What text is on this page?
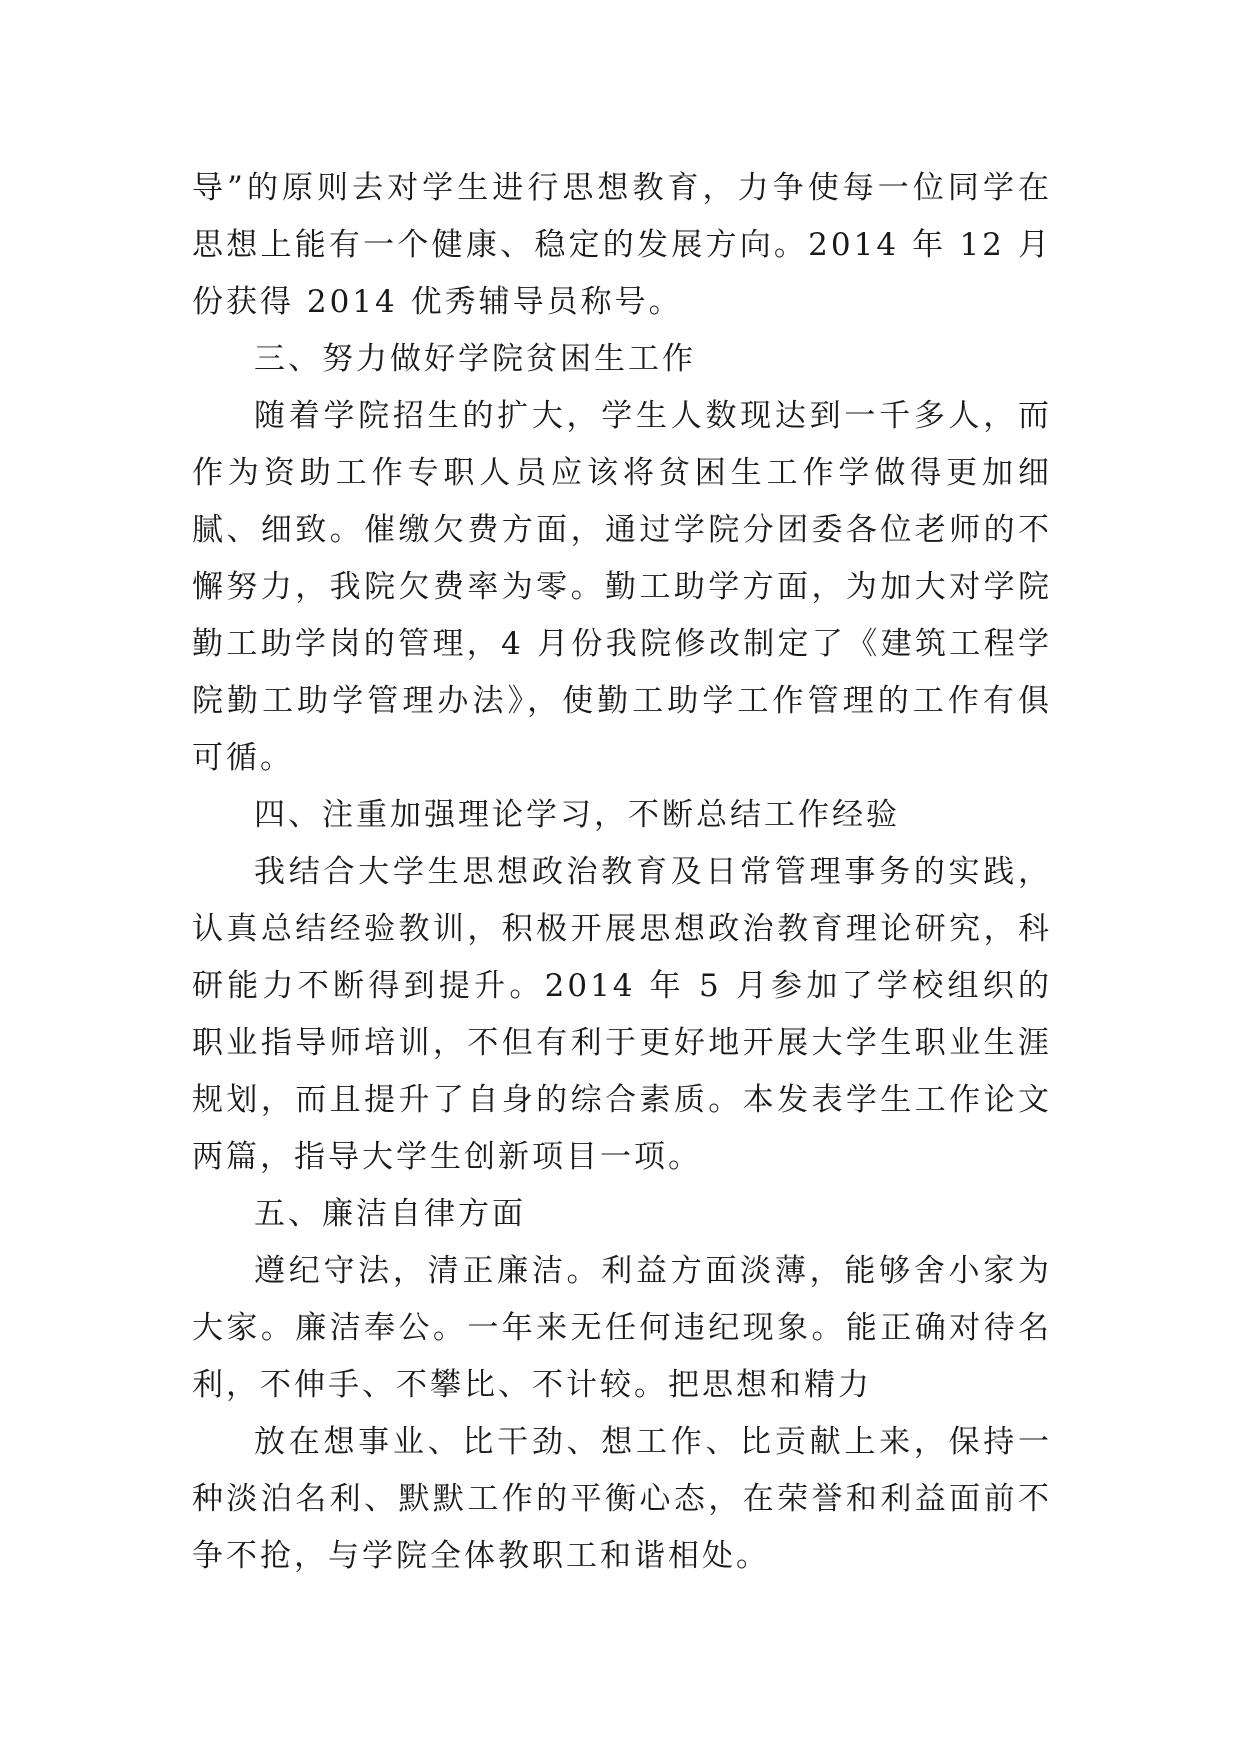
导”的原则去对学生进行思想教育，力争使每一位同学在思想上能有一个健康、稳定的发展方向。2014 年 12 月份获得 2014 优秀辅导员称号。

三、努力做好学院贫困生工作

随着学院招生的扩大，学生人数现达到一千多人，而作为资助工作专职人员应该将贫困生工作学做得更加细腻、细致。催缴欠费方面，通过学院分团委各位老师的不懈努力，我院欠费率为零。勤工助学方面，为加大对学院勤工助学岗的管理，4 月份我院修改制定了《建筑工程学院勤工助学管理办法》，使勤工助学工作管理的工作有俱可循。

四、注重加强理论学习，不断总结工作经验

我结合大学生思想政治教育及日常管理事务的实践，认真总结经验教训，积极开展思想政治教育理论研究，科研能力不断得到提升。2014 年 5 月参加了学校组织的职业指导师培训，不但有利于更好地开展大学生职业生涯规划，而且提升了自身的综合素质。本发表学生工作论文两篇，指导大学生创新项目一项。

五、廉洁自律方面

遵纪守法，清正廉洁。利益方面淡薄，能够舍小家为大家。廉洁奉公。一年来无任何违纪现象。能正确对待名利，不伸手、不攀比、不计较。把思想和精力

放在想事业、比干劲、想工作、比贡献上来，保持一种淡泊名利、默默工作的平衡心态，在荣誉和利益面前不争不抢，与学院全体教职工和谐相处。
